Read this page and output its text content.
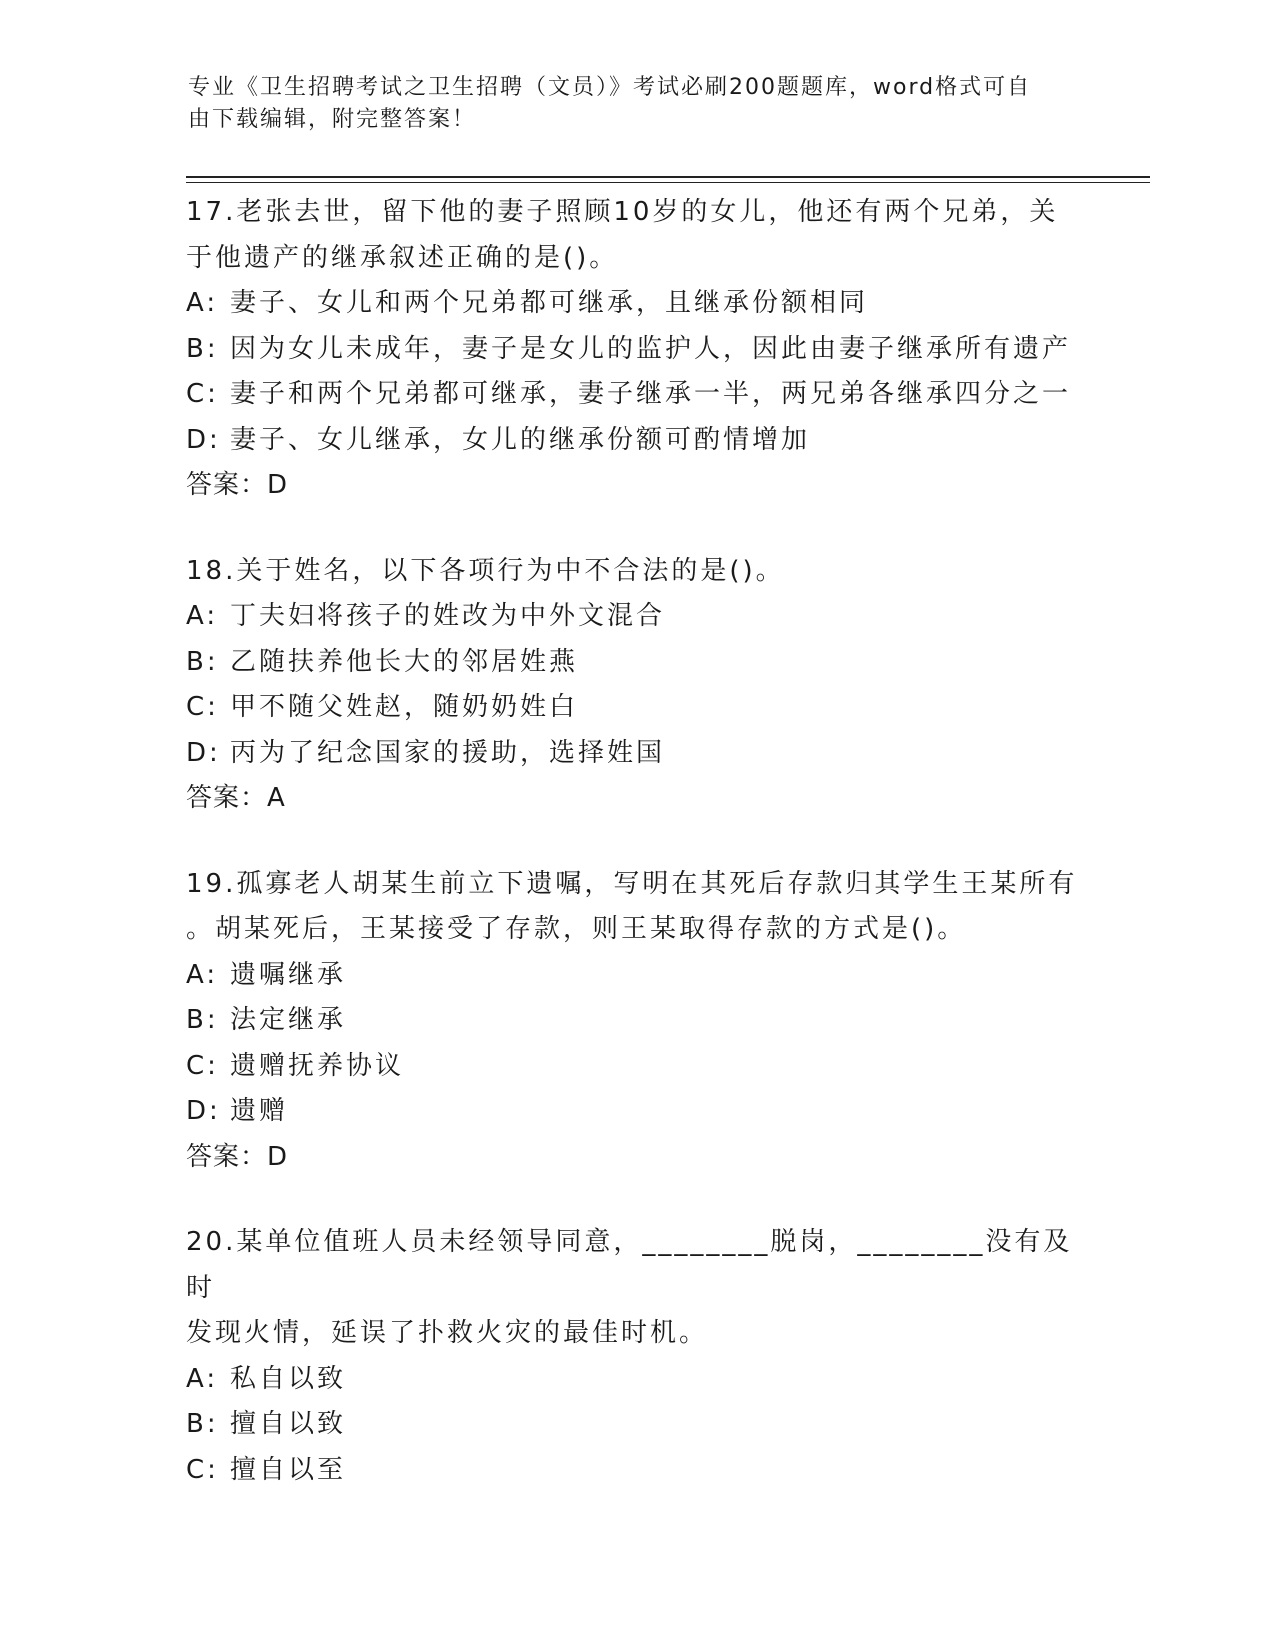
专业《卫生招聘考试之卫生招聘（文员）》考试必刷200题题库，word格式可自
由下载编辑，附完整答案！

17.老张去世，留下他的妻子照顾10岁的女儿，他还有两个兄弟，关

于他遗产的继承叙述正确的是()。

A: 妻子、女儿和两个兄弟都可继承，且继承份额相同

B: 因为女儿未成年，妻子是女儿的监护人，因此由妻子继承所有遗产

C: 妻子和两个兄弟都可继承，妻子继承一半，两兄弟各继承四分之一

D: 妻子、女儿继承，女儿的继承份额可酌情增加

答案：D

18.关于姓名，以下各项行为中不合法的是()。

A: 丁夫妇将孩子的姓改为中外文混合

B: 乙随扶养他长大的邻居姓燕

C: 甲不随父姓赵，随奶奶姓白

D: 丙为了纪念国家的援助，选择姓国

答案：A

19.孤寡老人胡某生前立下遗嘱，写明在其死后存款归其学生王某所有

。胡某死后，王某接受了存款，则王某取得存款的方式是()。

A: 遗嘱继承

B: 法定继承

C: 遗赠抚养协议

D: 遗赠

答案：D

20.某单位值班人员未经领导同意，________脱岗，________没有及时

发现火情，延误了扑救火灾的最佳时机。

A: 私自以致

B: 擅自以致

C: 擅自以至
